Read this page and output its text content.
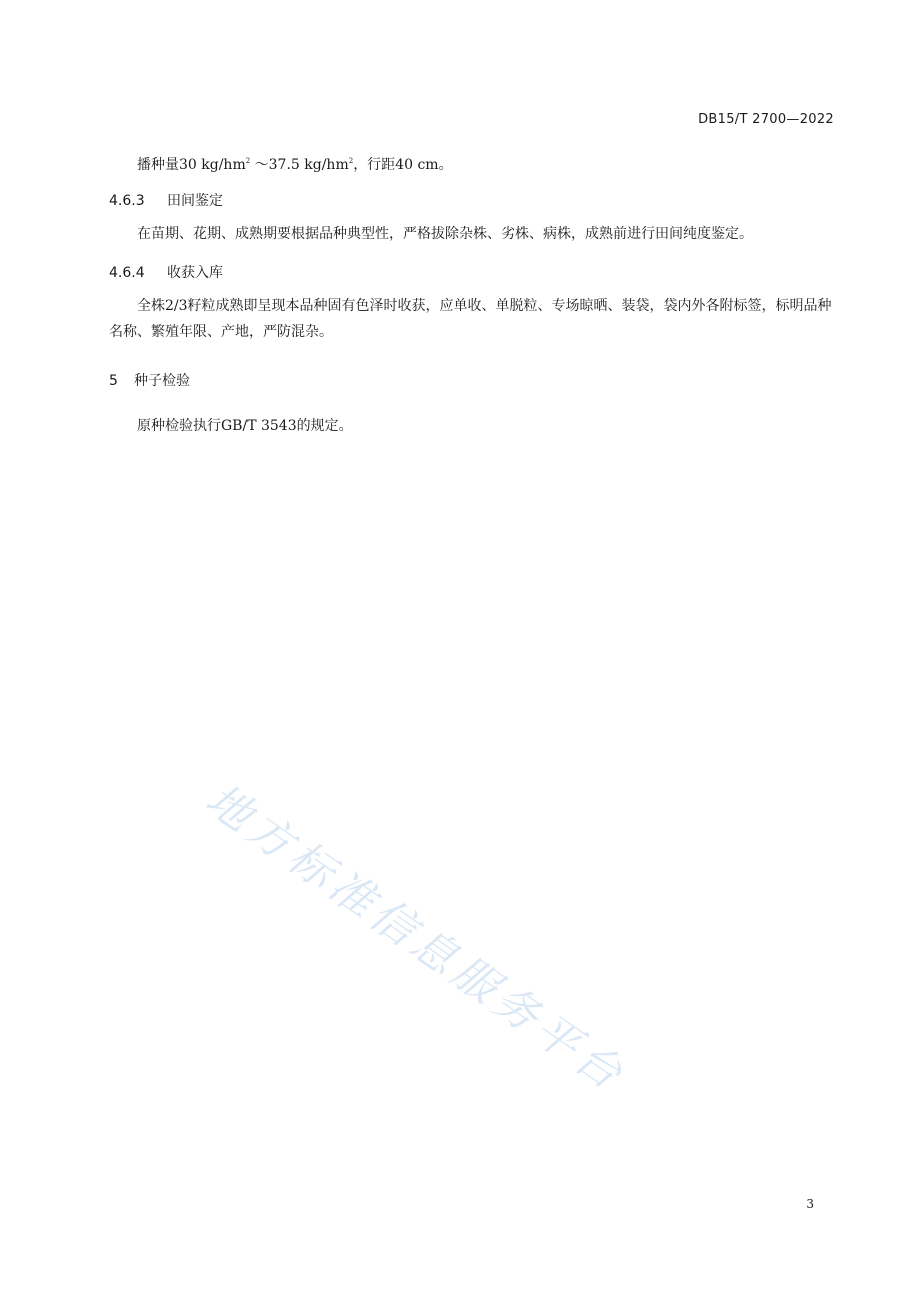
DB15/T 2700—2022
播种量30 $kg/hm^2$ ～37.5 $kg/hm^2$，行距40 cm。
4.6.3 田间鉴定
在苗期、花期、成熟期要根据品种典型性，严格拔除杂株、劣株、病株，成熟前进行田间纯度鉴定。
4.6.4 收获入库
全株2/3籽粒成熟即呈现本品种固有色泽时收获，应单收、单脱粒、专场晾晒、装袋，袋内外各附标签，标明品种名称、繁殖年限、产地，严防混杂。
5 种子检验
原种检验执行GB/T 3543的规定。
地方标准信息服务平台
3
